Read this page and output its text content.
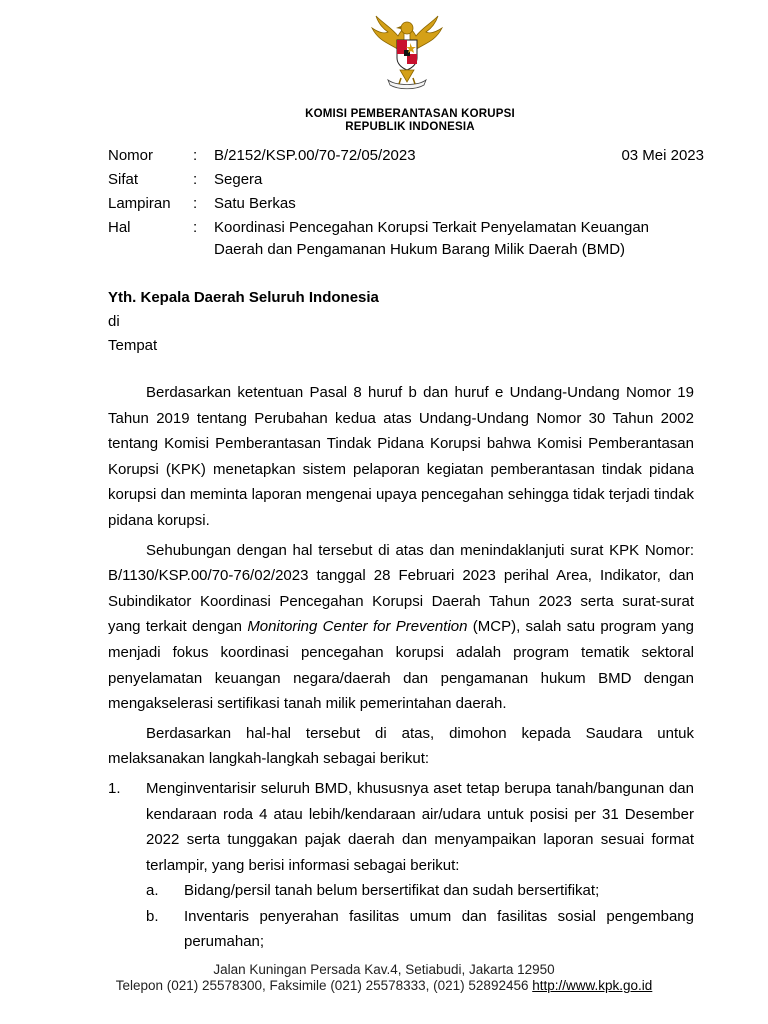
KOMISI PEMBERANTASAN KORUPSI
REPUBLIK INDONESIA
Nomor	: B/2152/KSP.00/70-72/05/2023	03 Mei 2023
Sifat	: Segera
Lampiran : Satu Berkas
Hal	: Koordinasi Pencegahan Korupsi Terkait Penyelamatan Keuangan Daerah dan Pengamanan Hukum Barang Milik Daerah (BMD)
Yth. Kepala Daerah Seluruh Indonesia
di
Tempat

Berdasarkan ketentuan Pasal 8 huruf b dan huruf e Undang-Undang Nomor 19 Tahun 2019 tentang Perubahan kedua atas Undang-Undang Nomor 30 Tahun 2002 tentang Komisi Pemberantasan Tindak Pidana Korupsi bahwa Komisi Pemberantasan Korupsi (KPK) menetapkan sistem pelaporan kegiatan pemberantasan tindak pidana korupsi dan meminta laporan mengenai upaya pencegahan sehingga tidak terjadi tindak pidana korupsi.

Sehubungan dengan hal tersebut di atas dan menindaklanjuti surat KPK Nomor: B/1130/KSP.00/70-76/02/2023 tanggal 28 Februari 2023 perihal Area, Indikator, dan Subindikator Koordinasi Pencegahan Korupsi Daerah Tahun 2023 serta surat-surat yang terkait dengan Monitoring Center for Prevention (MCP), salah satu program yang menjadi fokus koordinasi pencegahan korupsi adalah program tematik sektoral penyelamatan keuangan negara/daerah dan pengamanan hukum BMD dengan mengakselerasi sertifikasi tanah milik pemerintahan daerah.

Berdasarkan hal-hal tersebut di atas, dimohon kepada Saudara untuk melaksanakan langkah-langkah sebagai berikut:

1. Menginventarisir seluruh BMD, khususnya aset tetap berupa tanah/bangunan dan kendaraan roda 4 atau lebih/kendaraan air/udara untuk posisi per 31 Desember 2022 serta tunggakan pajak daerah dan menyampaikan laporan sesuai format terlampir, yang berisi informasi sebagai berikut:
a. Bidang/persil tanah belum bersertifikat dan sudah bersertifikat;
b. Inventaris penyerahan fasilitas umum dan fasilitas sosial pengembang perumahan;
Jalan Kuningan Persada Kav.4, Setiabudi, Jakarta 12950
Telepon (021) 25578300, Faksimile (021) 25578333, (021) 52892456 http://www.kpk.go.id
